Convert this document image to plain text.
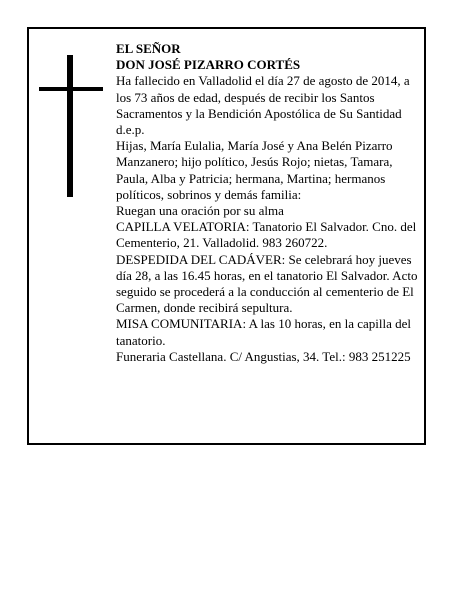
EL SEÑOR

DON JOSÉ PIZARRO CORTÉS

Ha fallecido en Valladolid el día 27 de agosto de 2014, a los 73 años de edad, después de recibir los Santos Sacramentos y la Bendición Apostólica de Su Santidad d.e.p.

Hijas, María Eulalia, María José y Ana Belén Pizarro Manzanero; hijo político, Jesús Rojo; nietas, Tamara, Paula, Alba y Patricia; hermana, Martina; hermanos políticos, sobrinos y demás familia:

Ruegan una oración por su alma

CAPILLA VELATORIA: Tanatorio El Salvador. Cno. del Cementerio, 21. Valladolid. 983 260722.

DESPEDIDA DEL CADÁVER: Se celebrará hoy jueves día 28, a las 16.45 horas, en el tanatorio El Salvador. Acto seguido se procederá a la conducción al cementerio de El Carmen, donde recibirá sepultura.

MISA COMUNITARIA: A las 10 horas, en la capilla del tanatorio.

Funeraria Castellana. C/ Angustias, 34. Tel.: 983 251225
